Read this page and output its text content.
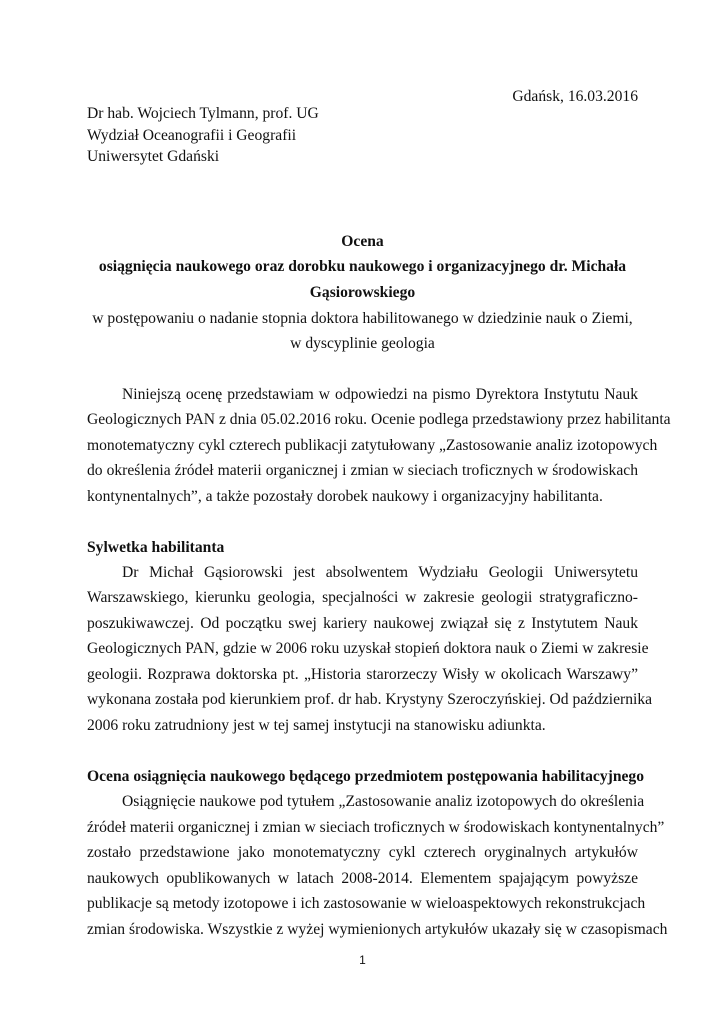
Gdańsk, 16.03.2016
Dr hab. Wojciech Tylmann, prof. UG
Wydział Oceanografii i Geografii
Uniwersytet Gdański
Ocena
osiągnięcia naukowego oraz dorobku naukowego i organizacyjnego dr. Michała
Gąsiorowskiego
w postępowaniu o nadanie stopnia doktora habilitowanego w dziedzinie nauk o Ziemi,
w dyscyplinie geologia
Niniejszą ocenę przedstawiam w odpowiedzi na pismo Dyrektora Instytutu Nauk
Geologicznych PAN z dnia 05.02.2016 roku. Ocenie podlega przedstawiony przez habilitanta
monotematyczny cykl czterech publikacji zatytułowany „Zastosowanie analiz izotopowych
do określenia źródeł materii organicznej i zmian w sieciach troficznych w środowiskach
kontynentalnych”, a także pozostały dorobek naukowy i organizacyjny habilitanta.
Sylwetka habilitanta
Dr Michał Gąsiorowski jest absolwentem Wydziału Geologii Uniwersytetu
Warszawskiego, kierunku geologia, specjalności w zakresie geologii stratygraficzno-
poszukiwawczej. Od początku swej kariery naukowej związał się z Instytutem Nauk
Geologicznych PAN, gdzie w 2006 roku uzyskał stopień doktora nauk o Ziemi w zakresie
geologii. Rozprawa doktorska pt. „Historia starorzeczy Wisły w okolicach Warszawy”
wykonana została pod kierunkiem prof. dr hab. Krystyny Szeroczyńskiej. Od października
2006 roku zatrudniony jest w tej samej instytucji na stanowisku adiunkta.
Ocena osiągnięcia naukowego będącego przedmiotem postępowania habilitacyjnego
Osiągnięcie naukowe pod tytułem „Zastosowanie analiz izotopowych do określenia
źródeł materii organicznej i zmian w sieciach troficznych w środowiskach kontynentalnych”
zostało przedstawione jako monotematyczny cykl czterech oryginalnych artykułów
naukowych opublikowanych w latach 2008-2014. Elementem spajającym powyższe
publikacje są metody izotopowe i ich zastosowanie w wieloaspektowych rekonstrukcjach
zmian środowiska. Wszystkie z wyżej wymienionych artykułów ukazały się w czasopismach
1
